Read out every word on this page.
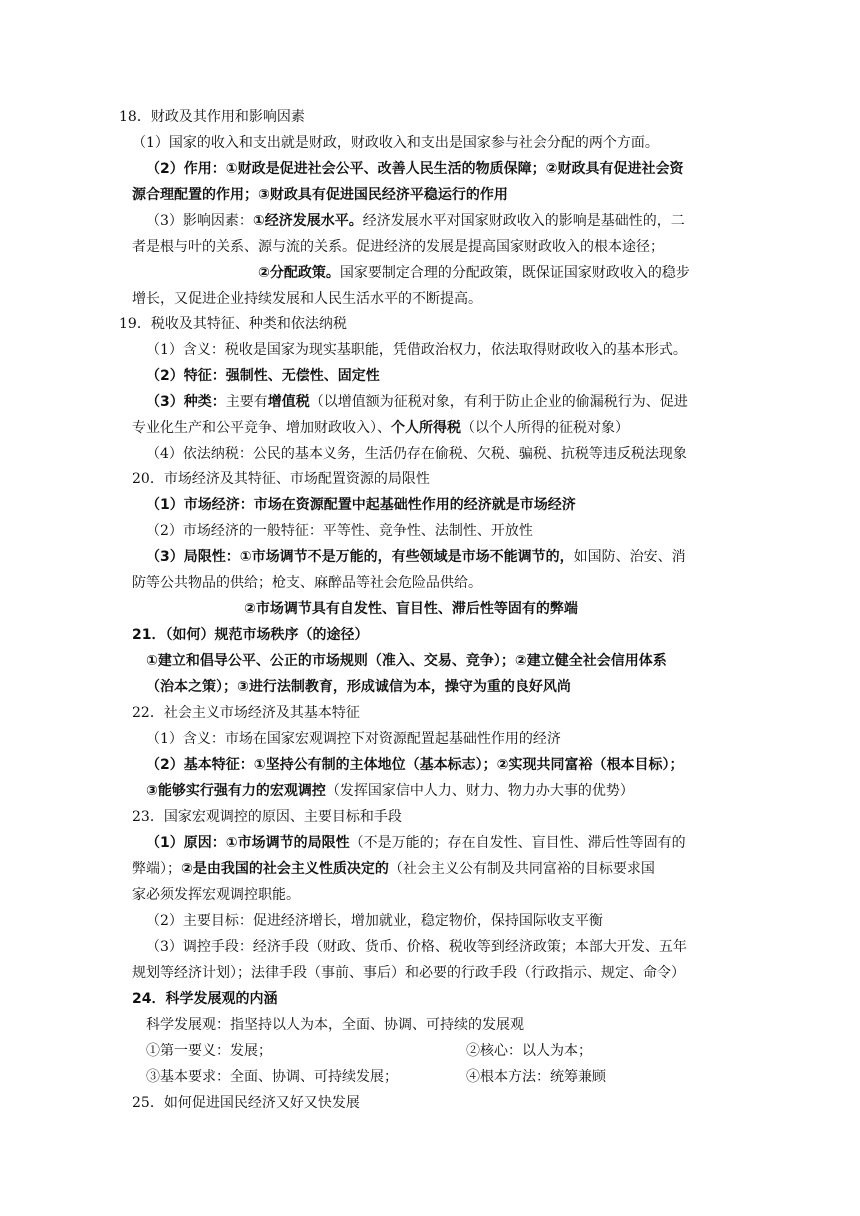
18．财政及其作用和影响因素
（1）国家的收入和支出就是财政，财政收入和支出是国家参与社会分配的两个方面。
（2）作用：①财政是促进社会公平、改善人民生活的物质保障；②财政具有促进社会资
源合理配置的作用；③财政具有促进国民经济平稳运行的作用
（3）影响因素：①经济发展水平。经济发展水平对国家财政收入的影响是基础性的，二
者是根与叶的关系、源与流的关系。促进经济的发展是提高国家财政收入的根本途径；
②分配政策。国家要制定合理的分配政策，既保证国家财政收入的稳步
增长，又促进企业持续发展和人民生活水平的不断提高。
19．税收及其特征、种类和依法纳税
（1）含义：税收是国家为现实基职能，凭借政治权力，依法取得财政收入的基本形式。
（2）特征：强制性、无偿性、固定性
（3）种类：主要有增值税（以增值额为征税对象，有利于防止企业的偷漏税行为、促进
专业化生产和公平竞争、增加财政收入）、个人所得税（以个人所得的征税对象）
（4）依法纳税：公民的基本义务，生活仍存在偷税、欠税、骗税、抗税等违反税法现象
20．市场经济及其特征、市场配置资源的局限性
（1）市场经济：市场在资源配置中起基础性作用的经济就是市场经济
（2）市场经济的一般特征：平等性、竞争性、法制性、开放性
（3）局限性：①市场调节不是万能的，有些领域是市场不能调节的，如国防、治安、消
防等公共物品的供给；枪支、麻醉品等社会危险品供给。
②市场调节具有自发性、盲目性、滞后性等固有的弊端
21．（如何）规范市场秩序（的途径）
①建立和倡导公平、公正的市场规则（准入、交易、竞争）；②建立健全社会信用体系
（治本之策）；③进行法制教育，形成诚信为本，操守为重的良好风尚
22．社会主义市场经济及其基本特征
（1）含义：市场在国家宏观调控下对资源配置起基础性作用的经济
（2）基本特征：①坚持公有制的主体地位（基本标志）；②实现共同富裕（根本目标）；
③能够实行强有力的宏观调控（发挥国家信中人力、财力、物力办大事的优势）
23．国家宏观调控的原因、主要目标和手段
（1）原因：①市场调节的局限性（不是万能的；存在自发性、盲目性、滞后性等固有的
弊端）；②是由我国的社会主义性质决定的（社会主义公有制及共同富裕的目标要求国
家必须发挥宏观调控职能。
（2）主要目标：促进经济增长，增加就业，稳定物价，保持国际收支平衡
（3）调控手段：经济手段（财政、货币、价格、税收等到经济政策；本部大开发、五年
规划等经济计划）；法律手段（事前、事后）和必要的行政手段（行政指示、规定、命令）
24．科学发展观的内涵
科学发展观：指坚持以人为本，全面、协调、可持续的发展观
①第一要义：发展；	②核心：以人为本；
③基本要求：全面、协调、可持续发展；	④根本方法：统筹兼顾
25．如何促进国民经济又好又快发展
